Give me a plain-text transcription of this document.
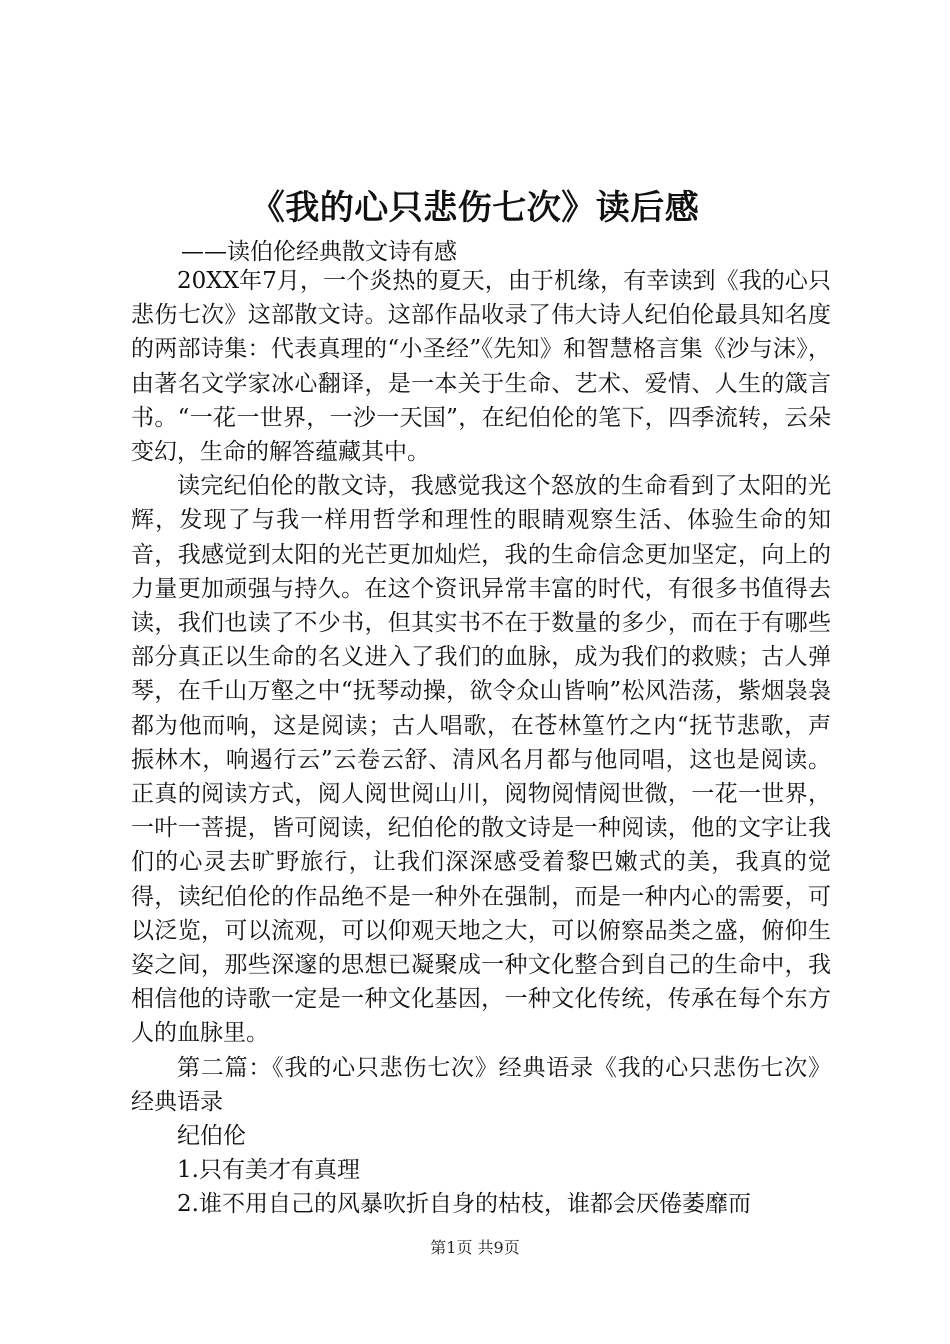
《我的心只悲伤七次》读后感
——读伯伦经典散文诗有感

20XX年7月，一个炎热的夏天，由于机缘，有幸读到《我的心只悲伤七次》这部散文诗。这部作品收录了伟大诗人纪伯伦最具知名度的两部诗集：代表真理的“小圣经”《先知》和智慧格言集《沙与沫》，由著名文学家冰心翻译，是一本关于生命、艺术、爱情、人生的箴言书。“一花一世界，一沙一天国”，在纪伯伦的笔下，四季流转，云朵变幻，生命的解答蕴藏其中。

读完纪伯伦的散文诗，我感觉我这个怒放的生命看到了太阳的光辉，发现了与我一样用哲学和理性的眼睛观察生活、体验生命的知音，我感觉到太阳的光芒更加灿烂，我的生命信念更加坚定，向上的力量更加顽强与持久。在这个资讯异常丰富的时代，有很多书值得去读，我们也读了不少书，但其实书不在于数量的多少，而在于有哪些部分真正以生命的名义进入了我们的血脉，成为我们的救赎；古人弹琴，在千山万壑之中“抚琴动操，欲令众山皆响”松风浩荡，紫烟袅袅都为他而响，这是阅读；古人唱歌，在苍林篁竹之内“抚节悲歌，声振林木，响遏行云”云卷云舒、清风名月都与他同唱，这也是阅读。正真的阅读方式，阅人阅世阅山川，阅物阅情阅世微，一花一世界，一叶一菩提，皆可阅读，纪伯伦的散文诗是一种阅读，他的文字让我们的心灵去旷野旅行，让我们深深感受着黎巴嫩式的美，我真的觉得，读纪伯伦的作品绝不是一种外在强制，而是一种内心的需要，可以泛览，可以流观，可以仰观天地之大，可以俯察品类之盛，俯仰生姿之间，那些深邃的思想已凝聚成一种文化整合到自己的生命中，我相信他的诗歌一定是一种文化基因，一种文化传统，传承在每个东方人的血脉里。

第二篇：《我的心只悲伤七次》经典语录《我的心只悲伤七次》经典语录

纪伯伦

1.只有美才有真理

2.谁不用自己的风暴吹折自身的枯枝，谁都会厌倦萎靡而

第1页 共9页
